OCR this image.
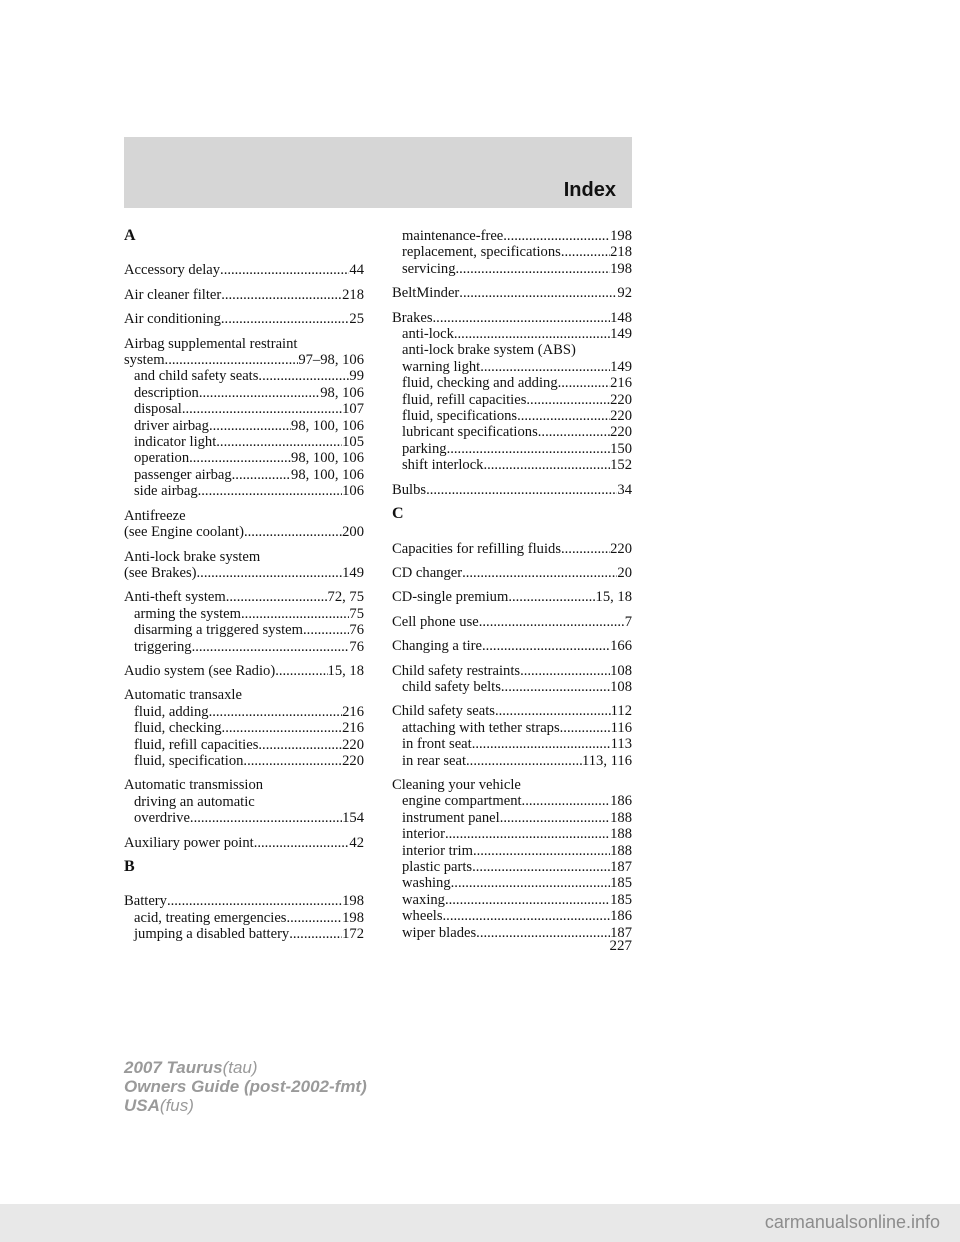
Index
A
Accessory delay .....	44
Air cleaner filter .....	218
Air conditioning .....	25
Airbag supplemental restraint
system .....	97–98, 106
and child safety seats .....	99
description .....	98, 106
disposal .....	107
driver airbag .....	98, 100, 106
indicator light .....	105
operation .....	98, 100, 106
passenger airbag .....	98, 100, 106
side airbag .....	106
Antifreeze
(see Engine coolant) .....	200
Anti-lock brake system
(see Brakes) .....	149
Anti-theft system .....	72, 75
arming the system .....	75
disarming a triggered system .....	76
triggering .....	76
Audio system (see Radio) .....	15, 18
Automatic transaxle
fluid, adding .....	216
fluid, checking .....	216
fluid, refill capacities .....	220
fluid, specification .....	220
Automatic transmission
driving an automatic
overdrive .....	154
Auxiliary power point .....	42
B
Battery .....	198
acid, treating emergencies .....	198
jumping a disabled battery .....	172
maintenance-free .....	198
replacement, specifications .....	218
servicing .....	198
BeltMinder .....	92
Brakes .....	148
anti-lock .....	149
anti-lock brake system (ABS)
warning light .....	149
fluid, checking and adding .....	216
fluid, refill capacities .....	220
fluid, specifications .....	220
lubricant specifications .....	220
parking .....	150
shift interlock .....	152
Bulbs .....	34
C
Capacities for refilling fluids .....	220
CD changer .....	20
CD-single premium .....	15, 18
Cell phone use .....	7
Changing a tire .....	166
Child safety restraints .....	108
child safety belts .....	108
Child safety seats .....	112
attaching with tether straps .....	116
in front seat .....	113
in rear seat .....	113, 116
Cleaning your vehicle
engine compartment .....	186
instrument panel .....	188
interior .....	188
interior trim .....	188
plastic parts .....	187
washing .....	185
waxing .....	185
wheels .....	186
wiper blades .....	187
227
2007 Taurus(tau)
Owners Guide (post-2002-fmt)
USA(fus)
carmanualsonline.info
